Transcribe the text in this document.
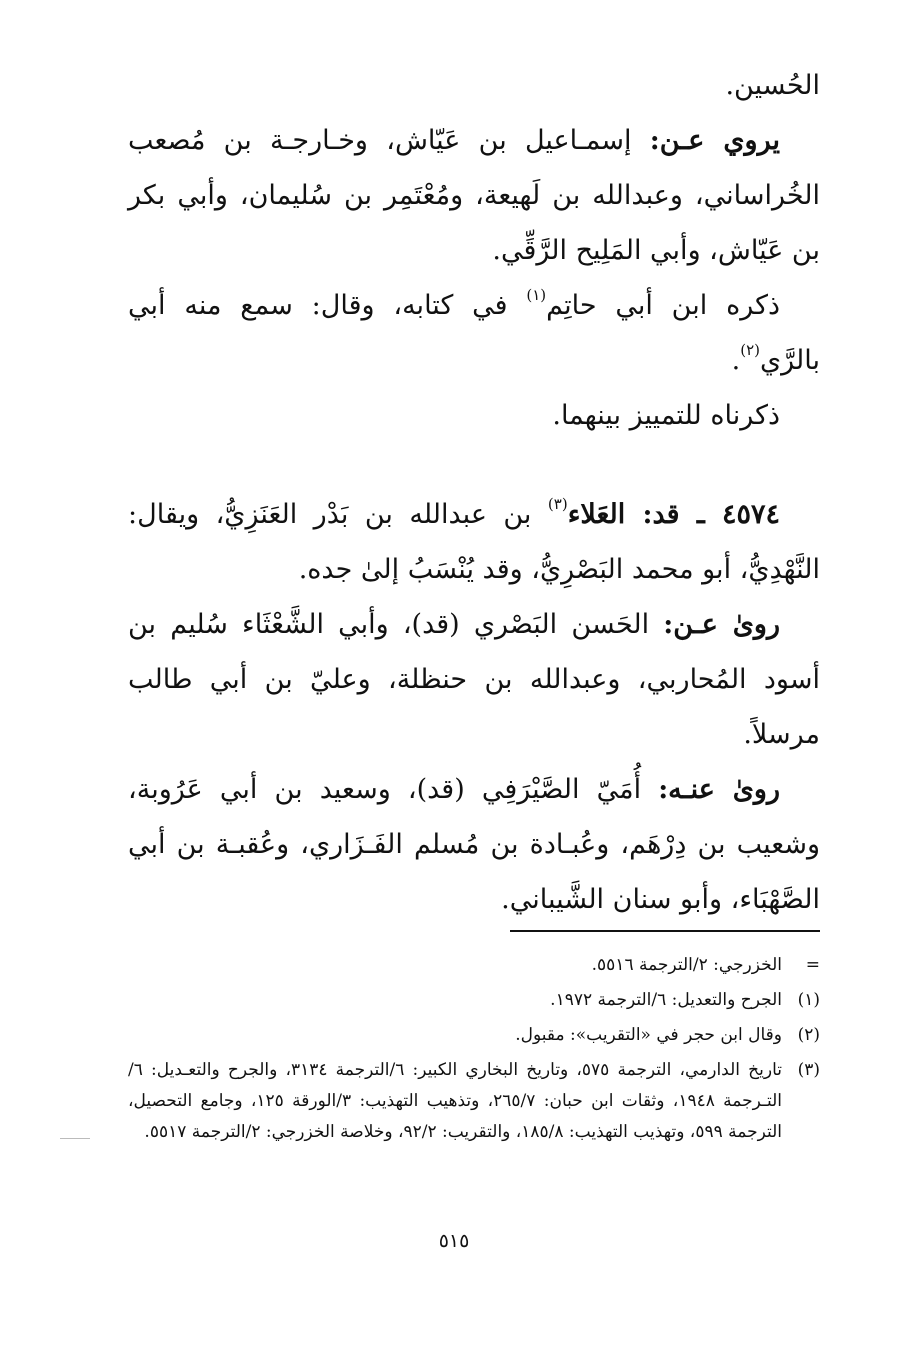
الحُسين.

يروي عـن: إسمـاعيل بن عَيّاش، وخـارجـة بن مُصعب الخُراساني، وعبدالله بن لَهيعة، ومُعْتَمِر بن سُليمان، وأبي بكر بن عَيّاش، وأبي المَلِيح الرَّقِّي.

ذكره ابن أبي حاتِم$^{(١)}$ في كتابه، وقال: سمع منه أبي بالرَّي$^{(٢)}$.

ذكرناه للتمييز بينهما.

٤٥٧٤ ـ قد: العَلاء$^{(٣)}$ بن عبدالله بن بَدْر العَنَزِيُّ، ويقال: النَّهْدِيُّ، أبو محمد البَصْرِيُّ، وقد يُنْسَبُ إلىٰ جده.

روىٰ عـن: الحَسن البَصْري (قد)، وأبي الشَّعْثَاء سُليم بن أسود المُحاربي، وعبدالله بن حنظلة، وعليّ بن أبي طالب مرسلاً.

روىٰ عنـه: أُمَيّ الصَّيْرَفِي (قد)، وسعيد بن أبي عَرُوبة، وشعيب بن دِرْهَم، وعُبـادة بن مُسلم الفَـزَاري، وعُقبـة بن أبي الصَّهْبَاء، وأبو سنان الشَّيباني.

=
الخزرجي: ٢/الترجمة ٥٥١٦.
(١)
الجرح والتعديل: ٦/الترجمة ١٩٧٢.
(٢)
وقال ابن حجر في «التقريب»: مقبول.
(٣)
تاريخ الدارمي، الترجمة ٥٧٥، وتاريخ البخاري الكبير: ٦/الترجمة ٣١٣٤، والجرح والتعـديل: ٦/التـرجمة ١٩٤٨، وثقات ابن حبان: ٢٦٥/٧، وتذهيب التهذيب: ٣/الورقة ١٢٥، وجامع التحصيل، الترجمة ٥٩٩، وتهذيب التهذيب: ١٨٥/٨، والتقريب: ٩٢/٢، وخلاصة الخزرجي: ٢/الترجمة ٥٥١٧.
٥١٥
